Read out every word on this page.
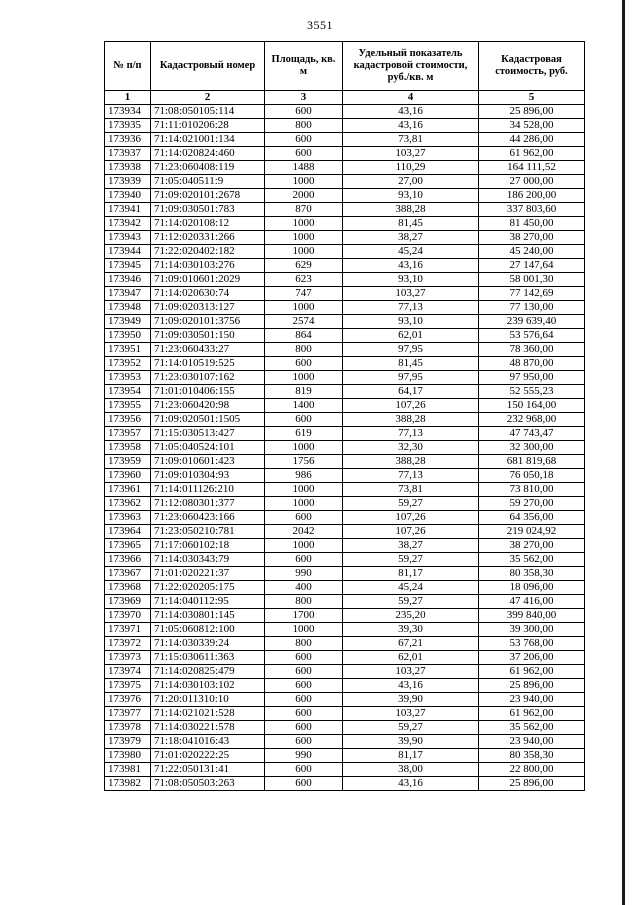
3551
№ п/п	Кадастровый номер	Площадь, кв. м	Удельный показатель кадастровой стоимости, руб./кв. м	Кадастровая стоимость, руб.
1	2	3	4	5
173934	71:08:050105:114	600	43,16	25 896,00
173935	71:11:010206:28	800	43,16	34 528,00
173936	71:14:021001:134	600	73,81	44 286,00
173937	71:14:020824:460	600	103,27	61 962,00
173938	71:23:060408:119	1488	110,29	164 111,52
173939	71:05:040511:9	1000	27,00	27 000,00
173940	71:09:020101:2678	2000	93,10	186 200,00
173941	71:09:030501:783	870	388,28	337 803,60
173942	71:14:020108:12	1000	81,45	81 450,00
173943	71:12:020331:266	1000	38,27	38 270,00
173944	71:22:020402:182	1000	45,24	45 240,00
173945	71:14:030103:276	629	43,16	27 147,64
173946	71:09:010601:2029	623	93,10	58 001,30
173947	71:14:020630:74	747	103,27	77 142,69
173948	71:09:020313:127	1000	77,13	77 130,00
173949	71:09:020101:3756	2574	93,10	239 639,40
173950	71:09:030501:150	864	62,01	53 576,64
173951	71:23:060433:27	800	97,95	78 360,00
173952	71:14:010519:525	600	81,45	48 870,00
173953	71:23:030107:162	1000	97,95	97 950,00
173954	71:01:010406:155	819	64,17	52 555,23
173955	71:23:060420:98	1400	107,26	150 164,00
173956	71:09:020501:1505	600	388,28	232 968,00
173957	71:15:030513:427	619	77,13	47 743,47
173958	71:05:040524:101	1000	32,30	32 300,00
173959	71:09:010601:423	1756	388,28	681 819,68
173960	71:09:010304:93	986	77,13	76 050,18
173961	71:14:011126:210	1000	73,81	73 810,00
173962	71:12:080301:377	1000	59,27	59 270,00
173963	71:23:060423:166	600	107,26	64 356,00
173964	71:23:050210:781	2042	107,26	219 024,92
173965	71:17:060102:18	1000	38,27	38 270,00
173966	71:14:030343:79	600	59,27	35 562,00
173967	71:01:020221:37	990	81,17	80 358,30
173968	71:22:020205:175	400	45,24	18 096,00
173969	71:14:040112:95	800	59,27	47 416,00
173970	71:14:030801:145	1700	235,20	399 840,00
173971	71:05:060812:100	1000	39,30	39 300,00
173972	71:14:030339:24	800	67,21	53 768,00
173973	71:15:030611:363	600	62,01	37 206,00
173974	71:14:020825:479	600	103,27	61 962,00
173975	71:14:030103:102	600	43,16	25 896,00
173976	71:20:011310:10	600	39,90	23 940,00
173977	71:14:021021:528	600	103,27	61 962,00
173978	71:14:030221:578	600	59,27	35 562,00
173979	71:18:041016:43	600	39,90	23 940,00
173980	71:01:020222:25	990	81,17	80 358,30
173981	71:22:050131:41	600	38,00	22 800,00
173982	71:08:050503:263	600	43,16	25 896,00
